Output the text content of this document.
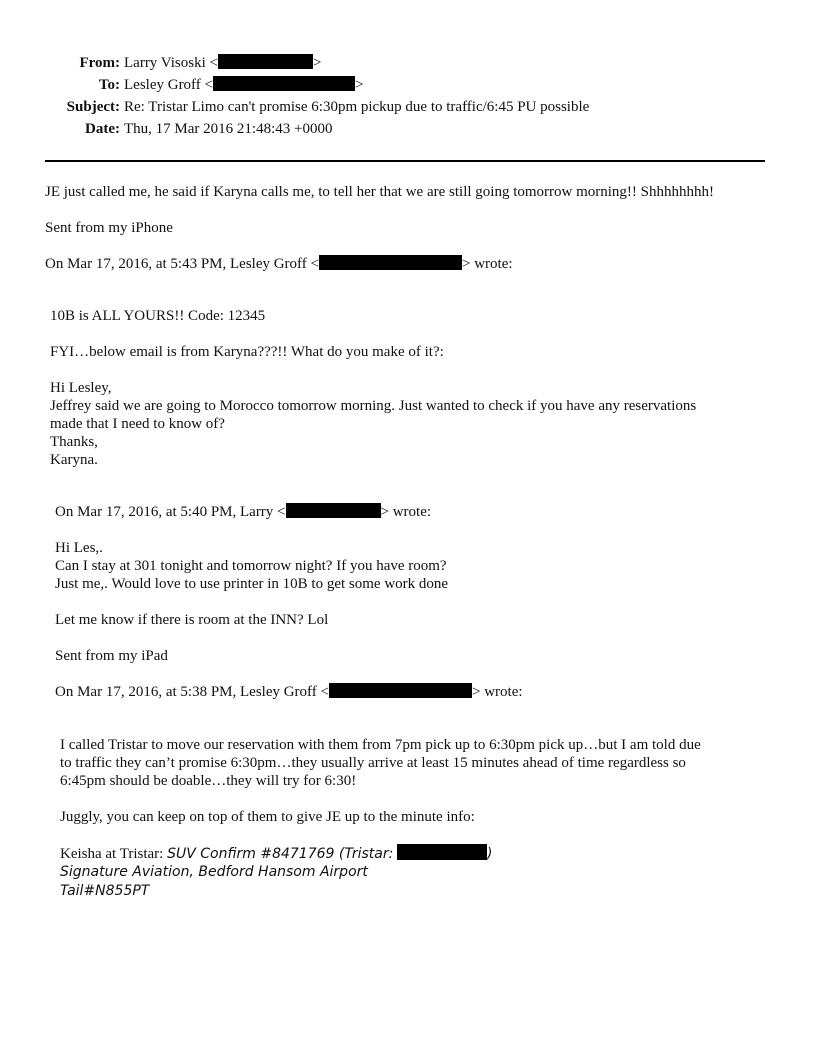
From: Larry Visoski <	>
To: Lesley Groff <	>
Subject: Re: Tristar Limo can't promise 6:30pm pickup due to traffic/6:45 PU possible
Date: Thu, 17 Mar 2016 21:48:43 +0000
JE just called me, he said if Karyna calls me, to tell her that we are still going tomorrow morning!! Shhhhhhhh!
Sent from my iPhone
On Mar 17, 2016, at 5:43 PM, Lesley Groff <	> wrote:
10B is ALL YOURS!! Code: 12345
FYI…below email is from Karyna???!! What do you make of it?:
Hi Lesley,
Jeffrey said we are going to Morocco tomorrow morning. Just wanted to check if you have any reservations
made that I need to know of?
Thanks,
Karyna.
On Mar 17, 2016, at 5:40 PM, Larry <	> wrote:
Hi Les,.
Can I stay at 301 tonight and tomorrow night? If you have room?
Just me,. Would love to use printer in 10B to get some work done
Let me know if there is room at the INN? Lol
Sent from my iPad
On Mar 17, 2016, at 5:38 PM, Lesley Groff <	> wrote:
I called Tristar to move our reservation with them from 7pm pick up to 6:30pm pick up…but I am told due
to traffic they can’t promise 6:30pm…they usually arrive at least 15 minutes ahead of time regardless so
6:45pm should be doable…they will try for 6:30!
Juggly, you can keep on top of them to give JE up to the minute info:
Keisha at Tristar: SUV Confirm #8471769 (Tristar:	)
Signature Aviation, Bedford Hansom Airport
Tail#N855PT
